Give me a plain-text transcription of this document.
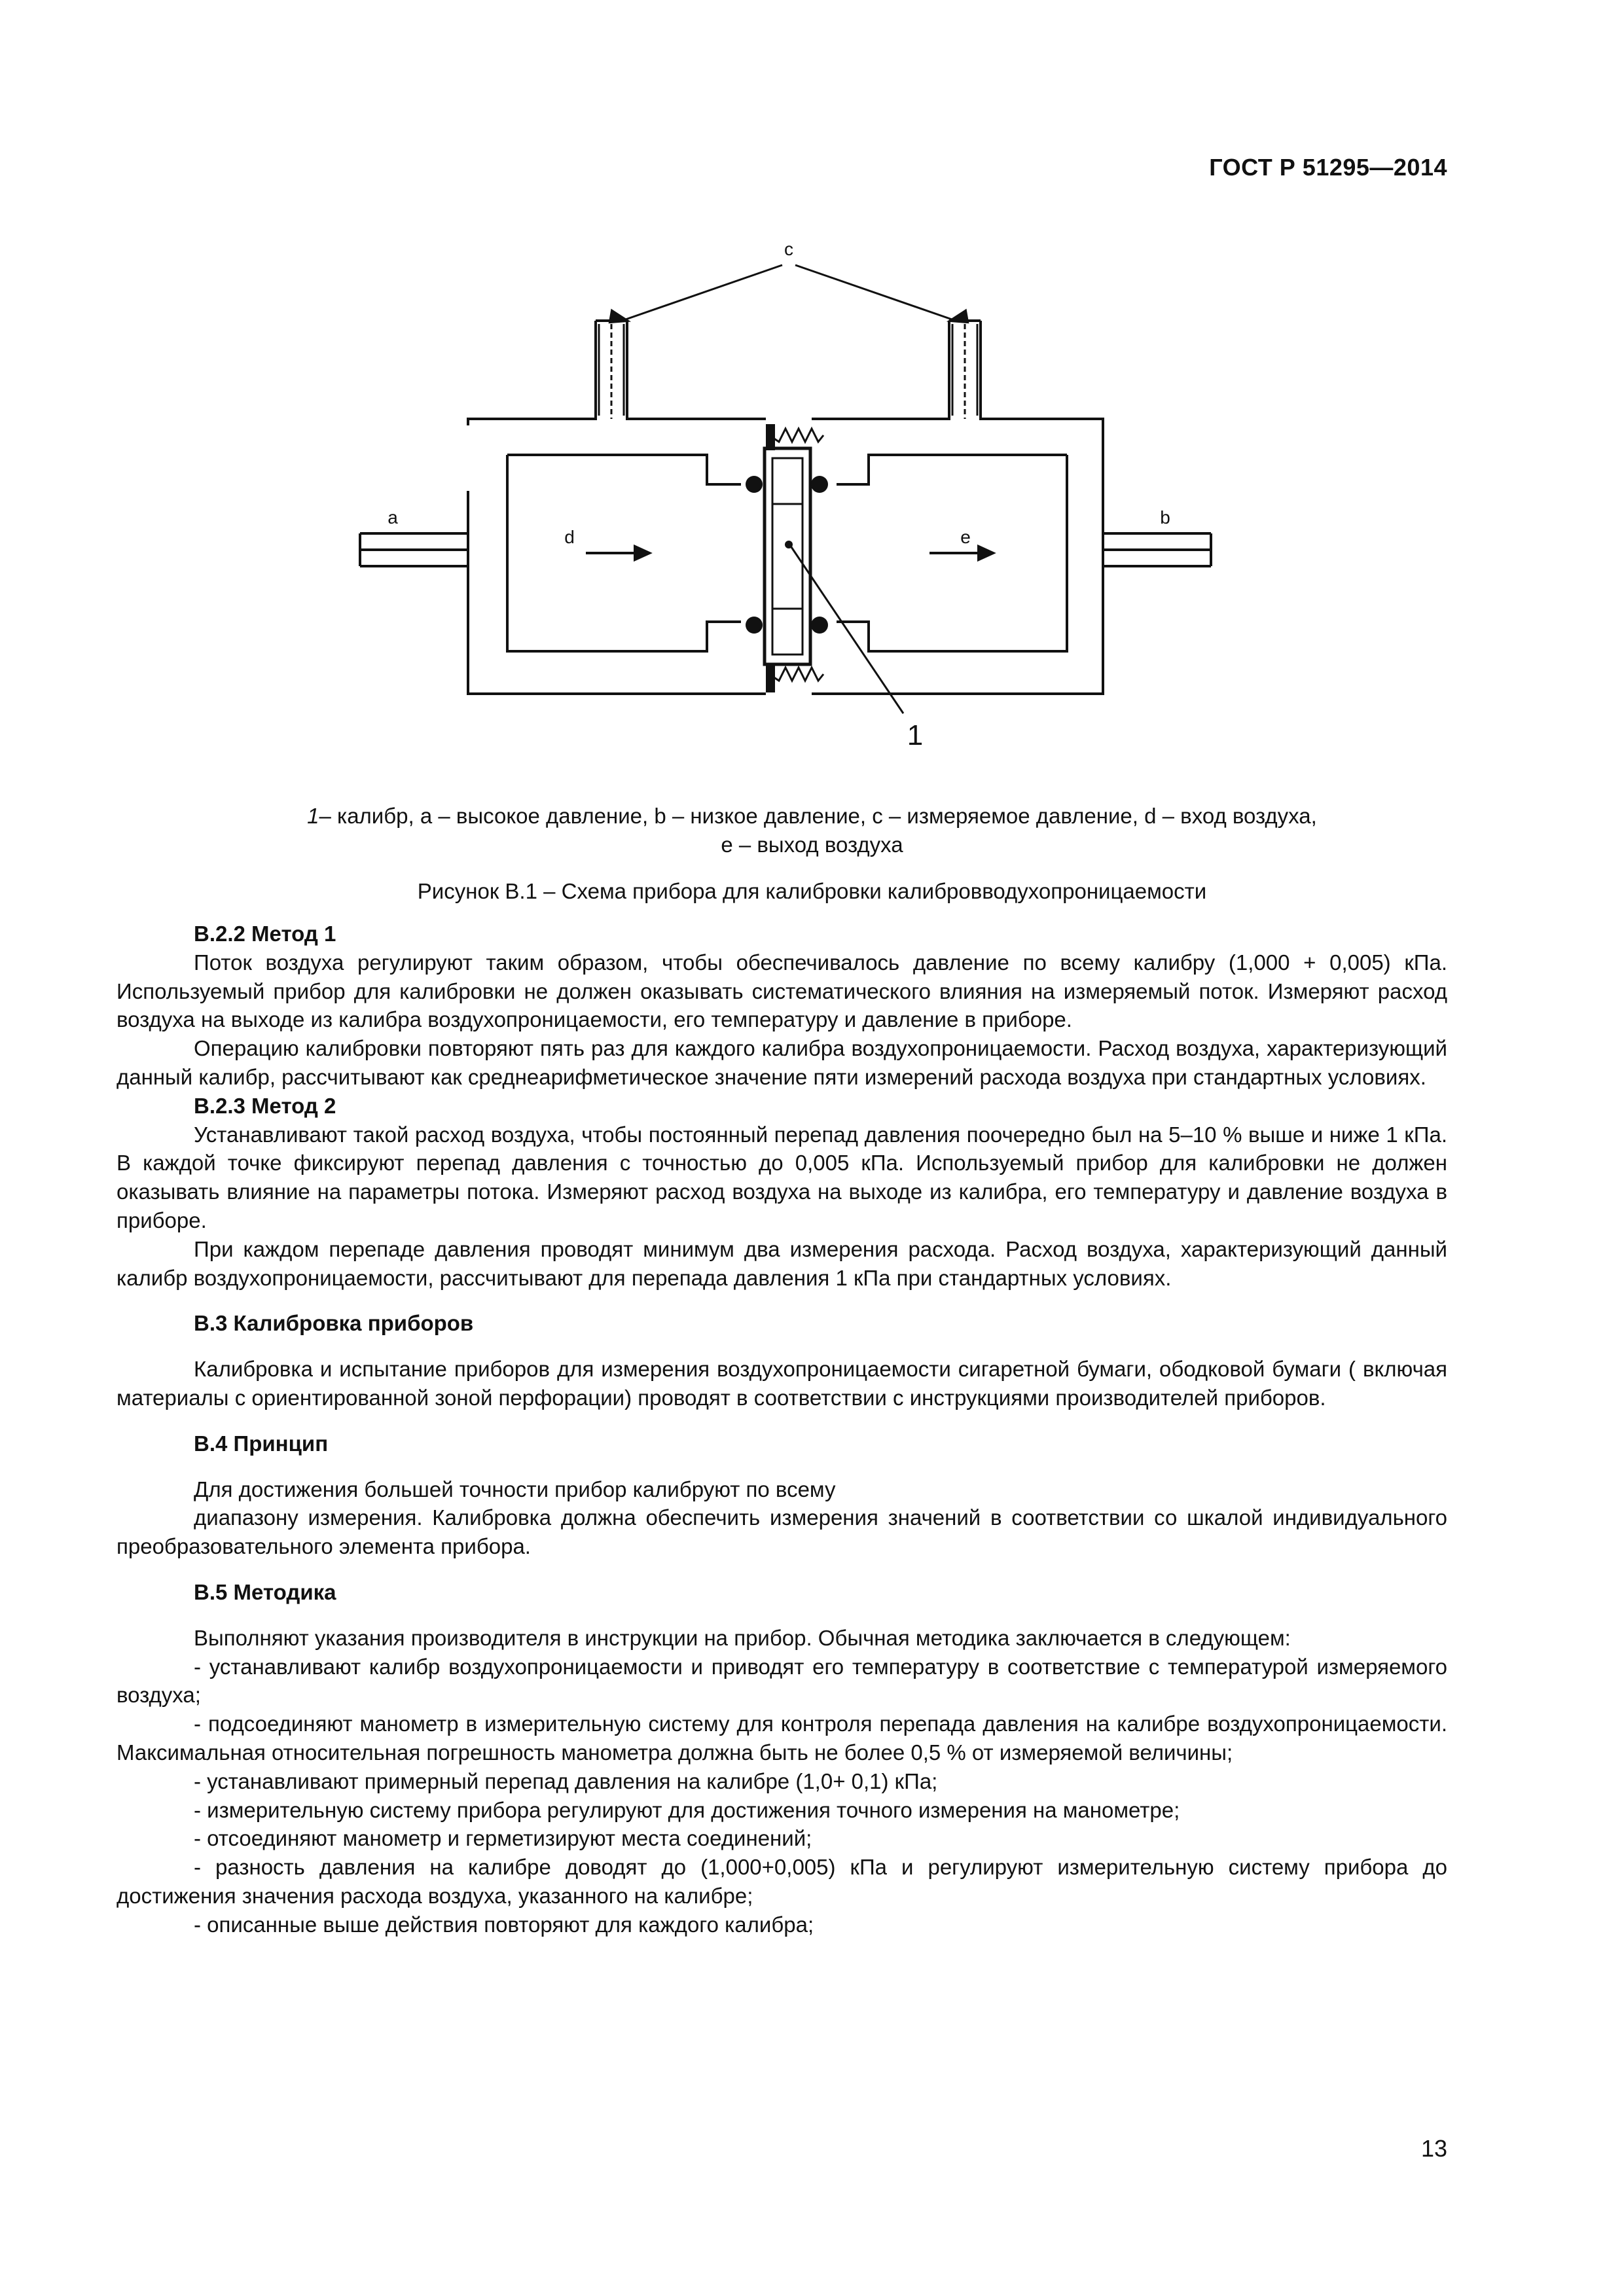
ГОСТ Р 51295—2014
c
a	b
d	e
1
1– калибр, a – высокое давление, b – низкое давление, c – измеряемое давление, d – вход воздуха,
e – выход воздуха
Рисунок В.1 – Схема прибора для калибровки калибровводухопроницаемости

В.2.2 Метод 1

Поток воздуха регулируют таким образом, чтобы обеспечивалось давление по всему калибру (1,000 + 0,005) кПа. Используемый прибор для калибровки не должен оказывать систематического влияния на измеряемый поток. Измеряют расход воздуха на выходе из калибра воздухопроницаемости, его температуру и давление в приборе.

Операцию калибровки повторяют пять раз для каждого калибра воздухопроницаемости. Расход воздуха, характеризующий данный калибр, рассчитывают как среднеарифметическое значение пяти измерений расхода воздуха при стандартных условиях.

В.2.3 Метод 2

Устанавливают такой расход воздуха, чтобы постоянный перепад давления поочередно был на 5–10 % выше и ниже 1 кПа. В каждой точке фиксируют перепад давления с точностью до 0,005 кПа. Используемый прибор для калибровки не должен оказывать влияние на параметры потока. Измеряют расход воздуха на выходе из калибра, его температуру и давление воздуха в приборе.

При каждом перепаде давления проводят минимум два измерения расхода. Расход воздуха, характеризующий данный калибр воздухопроницаемости, рассчитывают для перепада давления 1 кПа при стандартных условиях.

В.3 Калибровка приборов

Калибровка и испытание приборов для измерения воздухопроницаемости сигаретной бумаги, ободковой бумаги ( включая материалы с ориентированной зоной перфорации) проводят в соответствии с инструкциями производителей приборов.

В.4 Принцип

Для достижения большей точности прибор калибруют по всему

диапазону измерения. Калибровка должна обеспечить измерения значений в соответствии со шкалой индивидуального преобразовательного элемента прибора.

В.5 Методика

Выполняют указания производителя в инструкции на прибор. Обычная методика заключается в следующем:

- устанавливают калибр воздухопроницаемости и приводят его температуру в соответствие с температурой измеряемого воздуха;

- подсоединяют манометр в измерительную систему для контроля перепада давления на калибре воздухопроницаемости. Максимальная относительная погрешность манометра должна быть не более 0,5 % от измеряемой величины;

- устанавливают примерный перепад давления на калибре (1,0+ 0,1) кПа;

- измерительную систему прибора регулируют для достижения точного измерения на манометре;

- отсоединяют манометр и герметизируют места соединений;

- разность давления на калибре доводят до (1,000+0,005) кПа и регулируют измерительную систему прибора до достижения значения расхода воздуха, указанного на калибре;

- описанные выше действия повторяют для каждого калибра;

13
